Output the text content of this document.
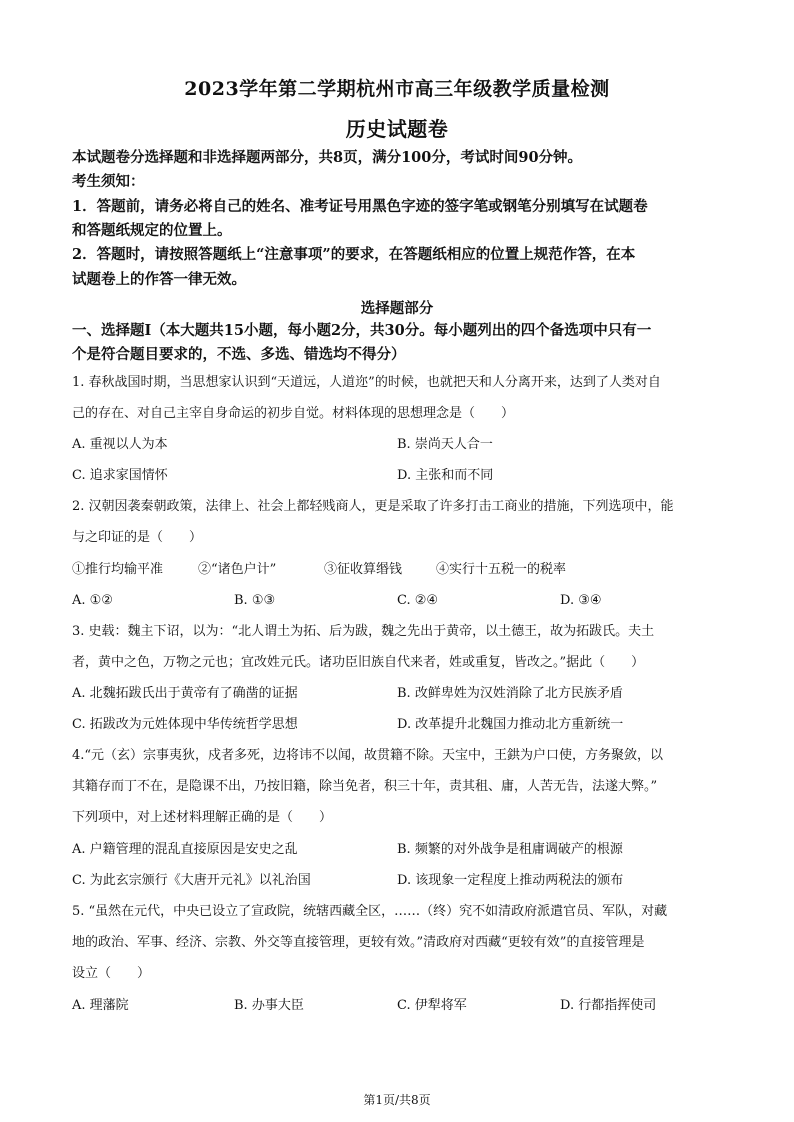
2023学年第二学期杭州市高三年级教学质量检测
历史试题卷
本试题卷分选择题和非选择题两部分，共8页，满分100分，考试时间90分钟。
考生须知：
1．答题前，请务必将自己的姓名、准考证号用黑色字迹的签字笔或钢笔分别填写在试题卷
和答题纸规定的位置上。
2．答题时，请按照答题纸上“注意事项”的要求，在答题纸相应的位置上规范作答，在本
试题卷上的作答一律无效。
选择题部分
一、选择题Ⅰ（本大题共15小题，每小题2分，共30分。每小题列出的四个备选项中只有一
个是符合题目要求的，不选、多选、错选均不得分）
1. 春秋战国时期，当思想家认识到“天道远，人道迩”的时候，也就把天和人分离开来，达到了人类对自
己的存在、对自己主宰自身命运的初步自觉。材料体现的思想理念是（　　）
A. 重视以人为本	B. 崇尚天人合一
C. 追求家国情怀	D. 主张和而不同
2. 汉朝因袭秦朝政策，法律上、社会上都轻贱商人，更是采取了许多打击工商业的措施，下列选项中，能
与之印证的是（　　）
①推行均输平准	②“诸色户计”	③征收算缗钱	④实行十五税一的税率
A. ①②	B. ①③	C. ②④	D. ③④
3. 史载：魏主下诏，以为：“北人谓土为拓、后为跋，魏之先出于黄帝，以土德王，故为拓跋氏。夫土
者，黄中之色，万物之元也；宜改姓元氏。诸功臣旧族自代来者，姓或重复，皆改之。”据此（　　）
A. 北魏拓跋氏出于黄帝有了确凿的证据	B. 改鲜卑姓为汉姓消除了北方民族矛盾
C. 拓跋改为元姓体现中华传统哲学思想	D. 改革提升北魏国力推动北方重新统一
4.“元（玄）宗事夷狄，戍者多死，边将讳不以闻，故贯籍不除。天宝中，王鉷为户口使，方务聚敛，以
其籍存而丁不在，是隐课不出，乃按旧籍，除当免者，积三十年，责其租、庸，人苦无告，法遂大弊。”
下列项中，对上述材料理解正确的是（　　）
A. 户籍管理的混乱直接原因是安史之乱	B. 频繁的对外战争是租庸调破产的根源
C. 为此玄宗颁行《大唐开元礼》以礼治国	D. 该现象一定程度上推动两税法的颁布
5. “虽然在元代，中央已设立了宣政院，统辖西藏全区，……（终）究不如清政府派遣官员、军队，对藏
地的政治、军事、经济、宗教、外交等直接管理，更较有效。”清政府对西藏“更较有效”的直接管理是
设立（　　）
A. 理藩院	B. 办事大臣	C. 伊犁将军	D. 行都指挥使司
第1页/共8页
